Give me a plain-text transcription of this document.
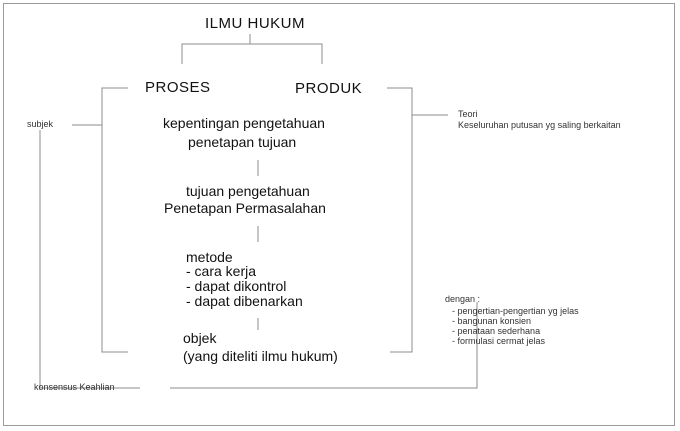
ILMU HUKUM
PROSES	PRODUK
kepentingan pengetahuan
penetapan tujuan
tujuan pengetahuan
Penetapan Permasalahan
metode
- cara kerja
- dapat dikontrol
- dapat dibenarkan
objek
(yang diteliti ilmu hukum)
subjek
konsensus Keahlian
Teori
Keseluruhan putusan yg saling berkaitan
dengan :
- pengertian-pengertian yg jelas
- bangunan konsien
- penataan sederhana
- formulasi cermat jelas
